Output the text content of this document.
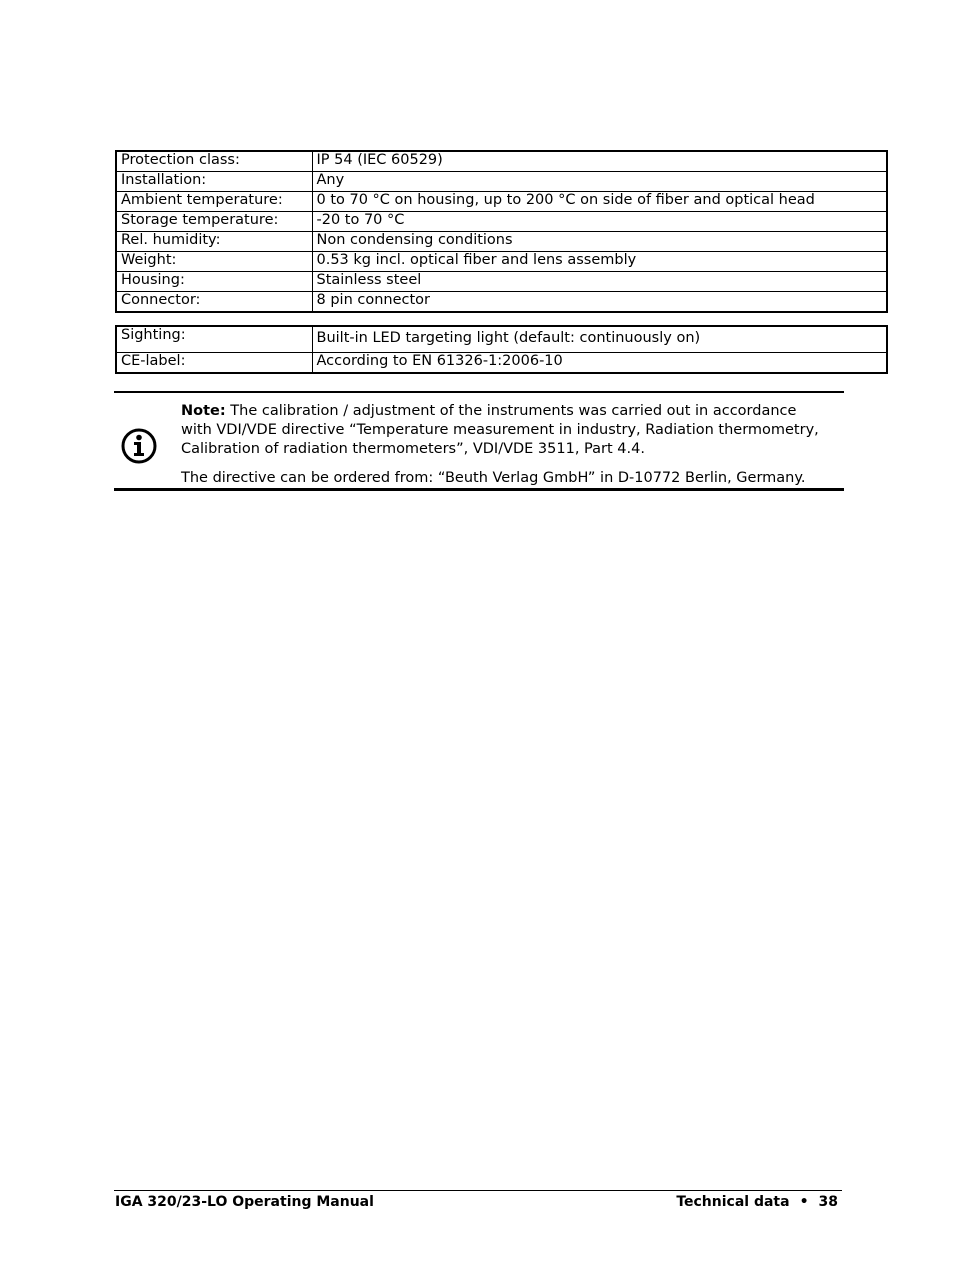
Protection class:	IP 54 (IEC 60529)
Installation:	Any
Ambient temperature:	0 to 70 °C on housing, up to 200 °C on side of fiber and optical head
Storage temperature:	-20 to 70 °C
Rel. humidity:	Non condensing conditions
Weight:	0.53 kg incl. optical fiber and lens assembly
Housing:	Stainless steel
Connector:	8 pin connector
Sighting:	Built-in LED targeting light (default: continuously on)
CE-label:	According to EN 61326-1:2006-10

Note: The calibration / adjustment of the instruments was carried out in accordance with VDI/VDE directive “Temperature measurement in industry, Radiation thermometry, Calibration of radiation thermometers”, VDI/VDE 3511, Part 4.4.

The directive can be ordered from: “Beuth Verlag GmbH” in D-10772 Berlin, Germany.

IGA 320/23-LO Operating Manual	Technical data • 38
